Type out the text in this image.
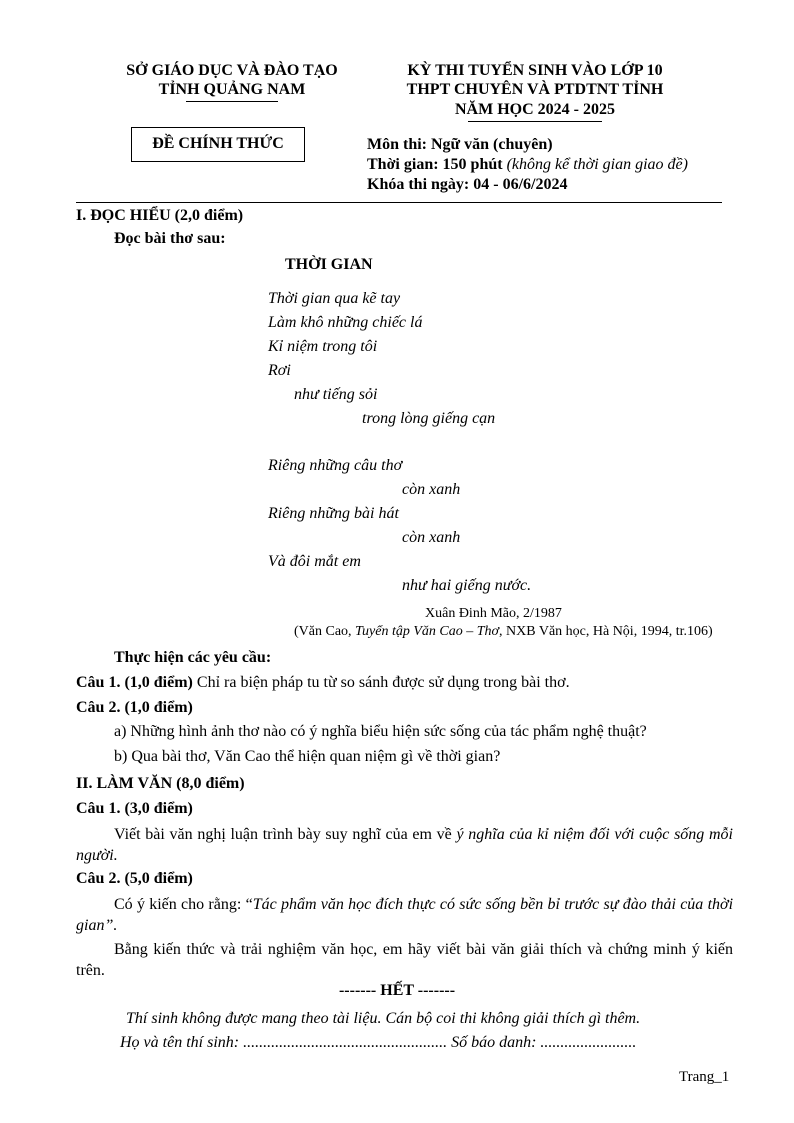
SỞ GIÁO DỤC VÀ ĐÀO TẠO
TỈNH QUẢNG NAM
KỲ THI TUYỂN SINH VÀO LỚP 10
THPT CHUYÊN VÀ PTDTNT TỈNH
NĂM HỌC 2024 - 2025
ĐỀ CHÍNH THỨC	Môn thi: Ngữ văn (chuyên)
Thời gian: 150 phút (không kể thời gian giao đề)
Khóa thi ngày: 04 - 06/6/2024
I. ĐỌC HIỂU (2,0 điểm)
Đọc bài thơ sau:
THỜI GIAN
Thời gian qua kẽ tay
Làm khô những chiếc lá
Kỉ niệm trong tôi
Rơi
như tiếng sỏi
trong lòng giếng cạn
Riêng những câu thơ
còn xanh
Riêng những bài hát
còn xanh
Và đôi mắt em
như hai giếng nước.
Xuân Đinh Mão, 2/1987
(Văn Cao, Tuyển tập Văn Cao – Thơ, NXB Văn học, Hà Nội, 1994, tr.106)
Thực hiện các yêu cầu:
Câu 1. (1,0 điểm) Chỉ ra biện pháp tu từ so sánh được sử dụng trong bài thơ.
Câu 2. (1,0 điểm)
a) Những hình ảnh thơ nào có ý nghĩa biểu hiện sức sống của tác phẩm nghệ thuật?
b) Qua bài thơ, Văn Cao thể hiện quan niệm gì về thời gian?
II. LÀM VĂN (8,0 điểm)
Câu 1. (3,0 điểm)
Viết bài văn nghị luận trình bày suy nghĩ của em về ý nghĩa của kỉ niệm đối với cuộc sống mỗi người.
Câu 2. (5,0 điểm)
Có ý kiến cho rằng: “Tác phẩm văn học đích thực có sức sống bền bỉ trước sự đào thải của thời gian”.
Bằng kiến thức và trải nghiệm văn học, em hãy viết bài văn giải thích và chứng minh ý kiến trên.
------- HẾT -------
Thí sinh không được mang theo tài liệu. Cán bộ coi thi không giải thích gì thêm.
Họ và tên thí sinh: ................................................... Số báo danh: ........................
Trang_1
